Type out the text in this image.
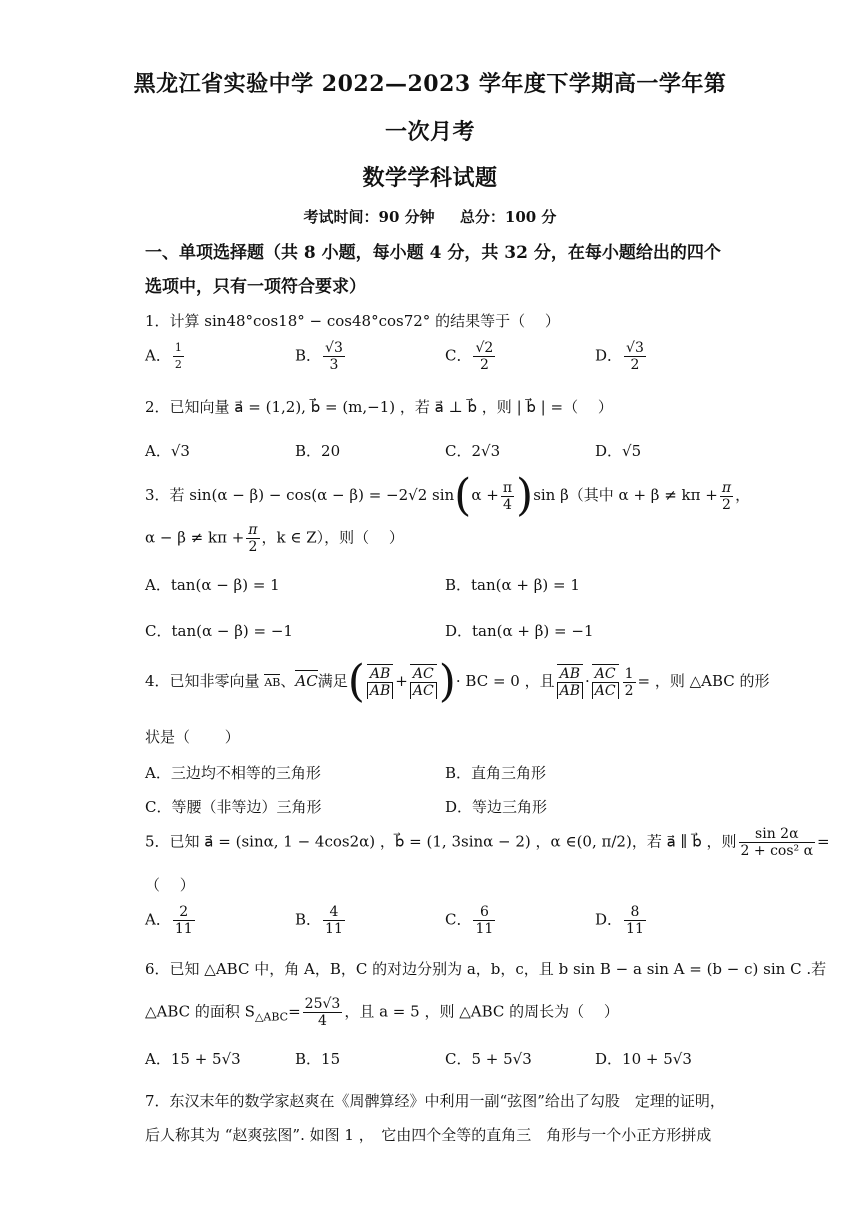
黑龙江省实验中学 2022—2023 学年度下学期高一学年第
一次月考
数学学科试题
考试时间：90 分钟 总分：100 分
一、单项选择题（共 8 小题，每小题 4 分，共 32 分，在每小题给出的四个
选项中，只有一项符合要求）
1．计算 sin48°cos18° − cos48°cos72° 的结果等于（　 ）
A． $\frac{1}{2}$	B． $\frac{√3}{3}$	C． $\frac{√2}{2}$	D． $\frac{√3}{2}$
2．已知向量 a⃗ = (1,2), b⃗ = (m,−1) ，若 a⃗ ⊥ b⃗ ，则 | b⃗ | =（　 ）
A．√3	B．20	C．2√3	D．√5
3．若 sin(α − β) − cos(α − β) = −2√2 $\sin(\alpha + \frac{\pi}{4} )\sin$ β（其中 $\alpha + \beta \ne k\pi + \frac{\pi}{2}$ ，
$\alpha - \beta \ne k\pi + \frac{\pi}{2}$ ，k ∈ Z），则（　 ）
A．tan(α − β) = 1	B．tan(α + β) = 1
C．tan(α − β) = −1	D．tan(α + β) = −1
4．已知非零向量 AB、AC满足( $\frac{AB}{AB} + \frac{AC}{AC}$ )· BC = 0 ，且 $\frac{AB}{AB} \cdot \frac{AC}{AC} \frac{1}{2}$ = ，则 △ABC 的形
状是（　　 ）
A．三边均不相等的三角形	B．直角三角形
C．等腰（非等边）三角形	D．等边三角形
5．已知 a⃗ = (sinα, 1 − 4cos2α) ，b⃗ = (1, 3sinα − 2) ，α ∈(0, π/2)，若 a⃗ ∥ b⃗ ，则 $\frac{\sin 2\alpha}{\text{2 + cos² α}}$ =
（　 ）
A． $\frac{2}{11}$	B． $\frac{4}{11}$	C． $\frac{6}{11}$	D． $\frac{8}{11}$
6．已知 △ABC 中，角 A，B，C 的对边分别为 a，b，c，且 b sin B − a sin A = (b − c) sin C .若
△ABC 的面积 $S_{\triangle ABC}= \frac{25√3}{4}$ ，且 a = 5 ，则 △ABC 的周长为（　 ）
A．15 + 5√3	B．15	C．5 + 5√3	D．10 + 5√3
7．东汉末年的数学家赵爽在《周髀算经》中利用一副“弦图”给出了勾股　定理的证明，
后人称其为 “赵爽弦图”. 如图 1 ，　它由四个全等的直角三　角形与一个小正方形拼成
